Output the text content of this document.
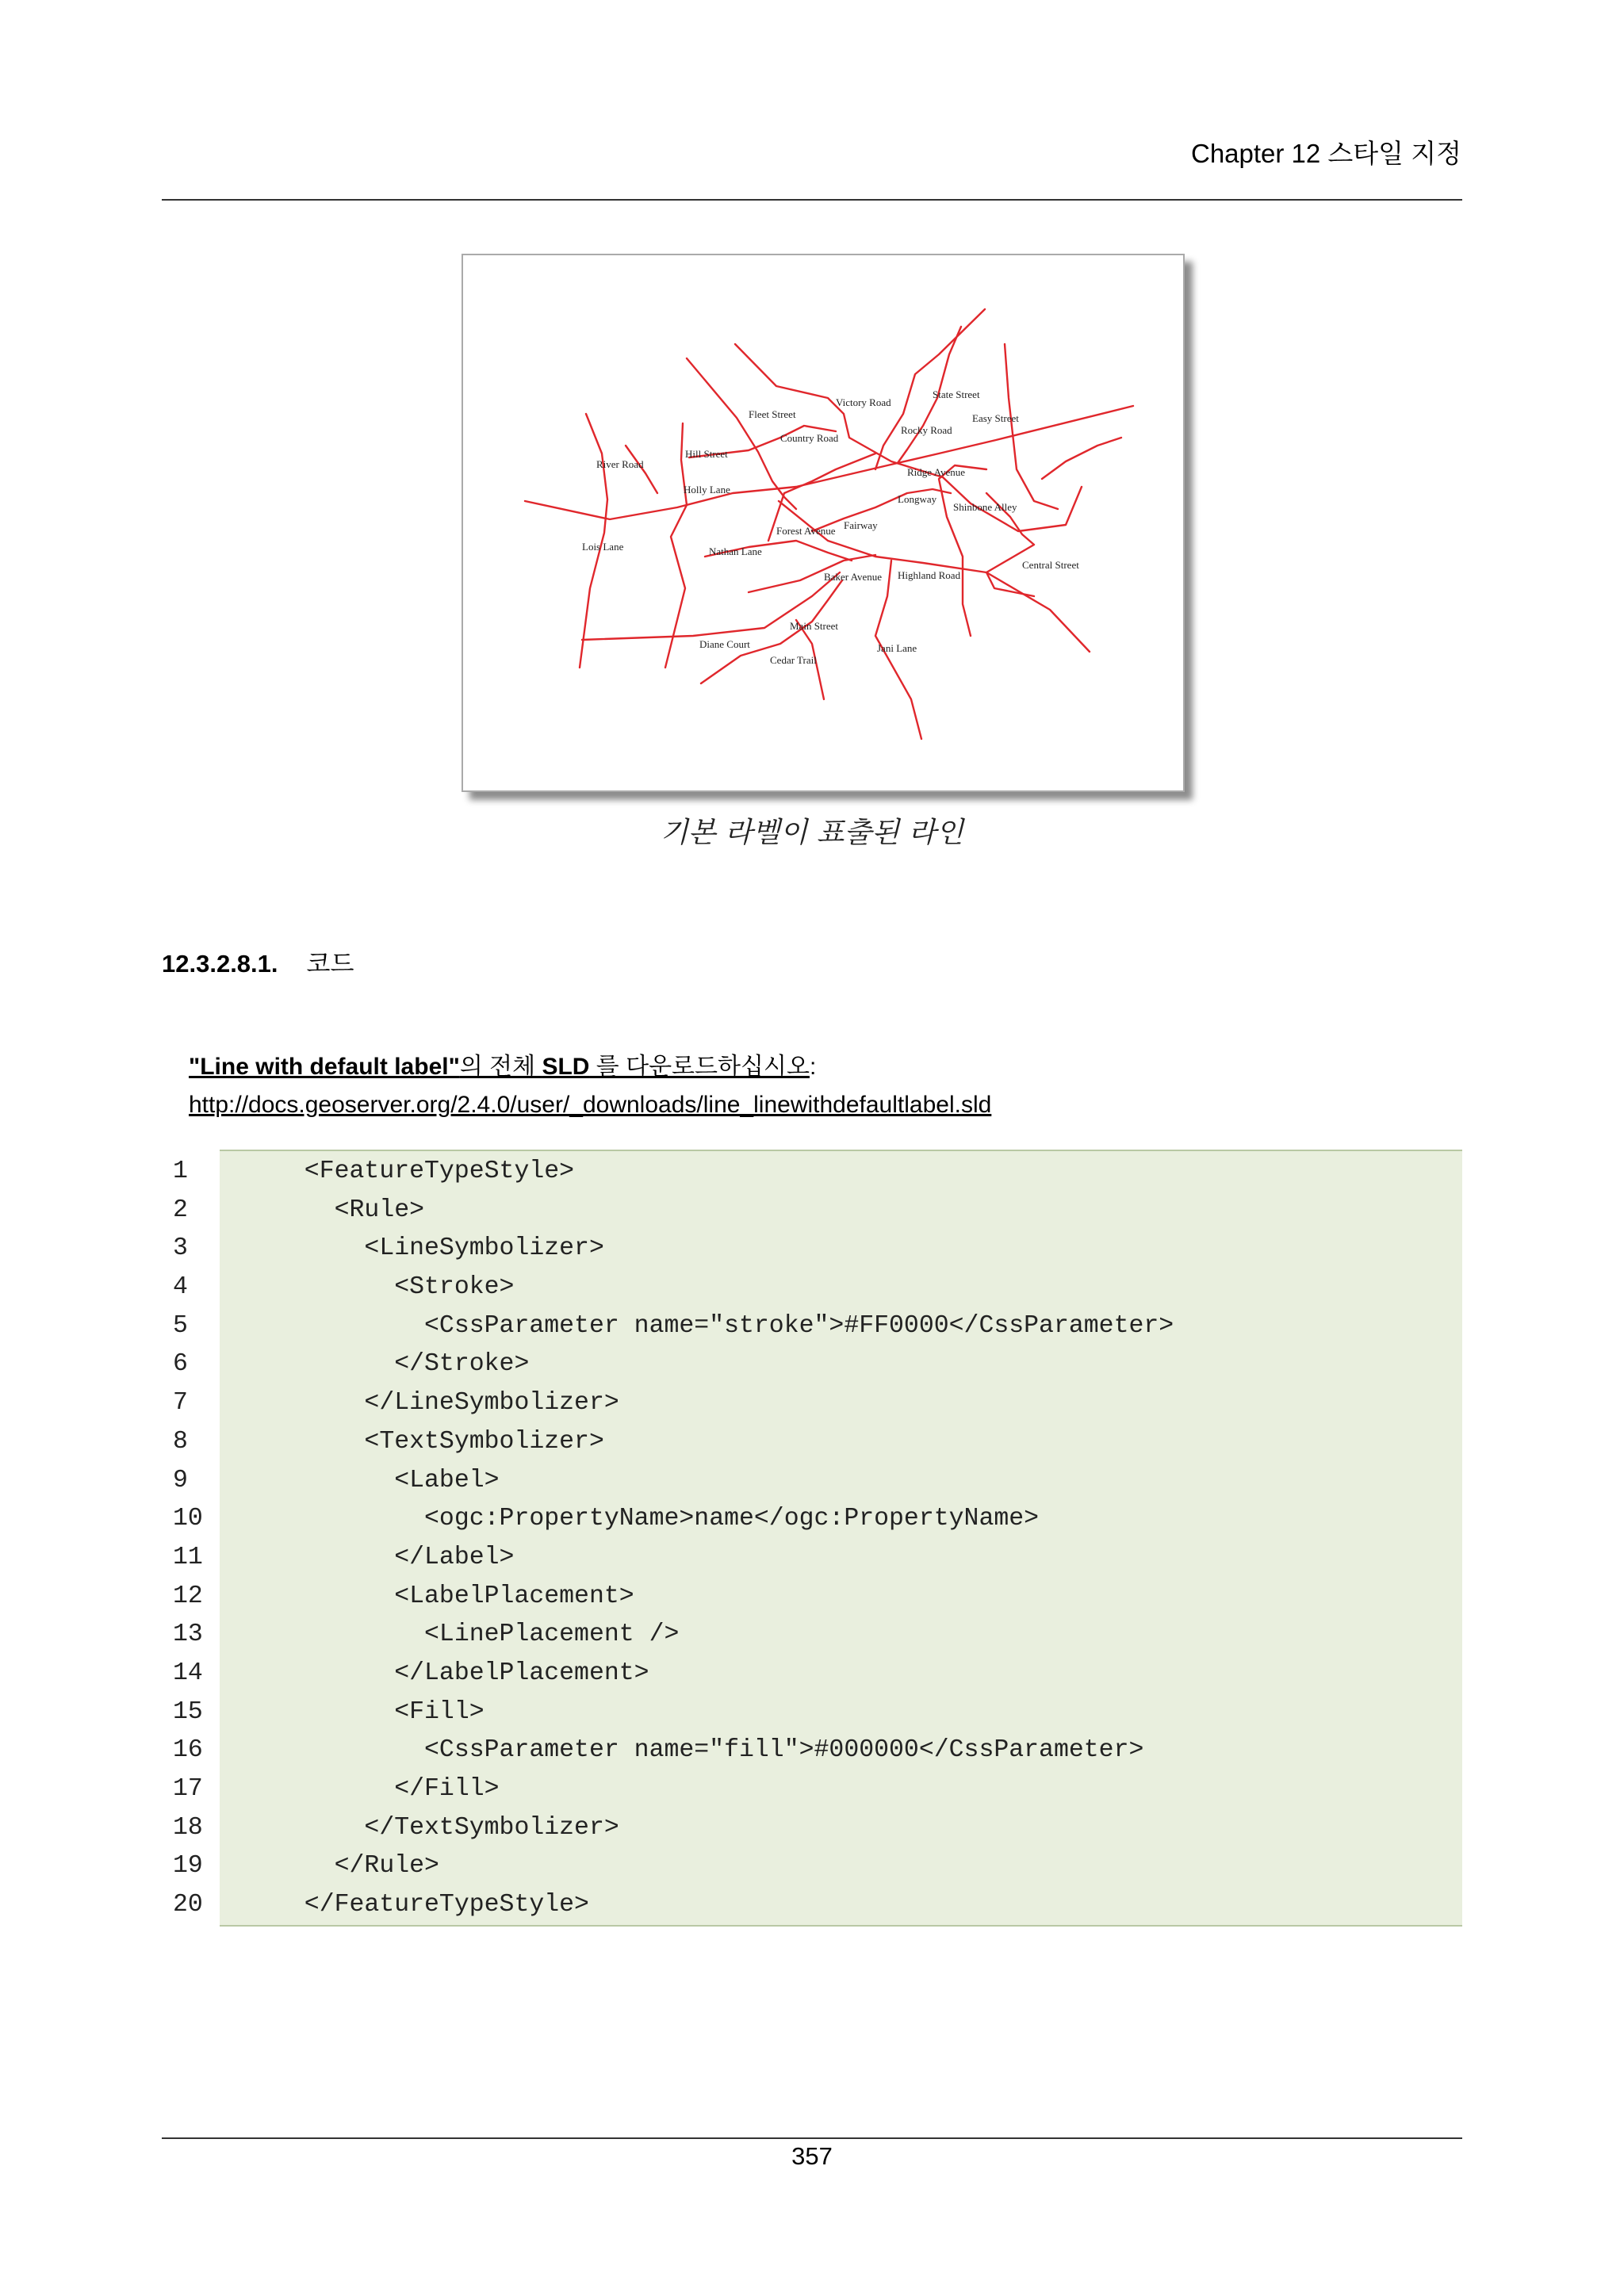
Chapter 12 스타일 지정
Fleet Street
Victory Road
State Street
Easy Street
Country Road
Rocky Road
Hill Street
River Road
Ridge Avenue
Holly Lane
Longway
Shinbone Alley
Forest Avenue Fairway
Lois Lane	Nathan Lane
Central Street
Baker Avenue Highland Road
Main Street
Diane Court	Jani Lane
Cedar Trail
기본 라벨이 표출된 라인
12.3.2.8.1. 코드
"Line with default label"의 전체 SLD 를 다운로드하십시오:
http://docs.geoserver.org/2.4.0/user/_downloads/line_linewithdefaultlabel.sld
1
2
3
4
5
6
7
8
9
10
11
12
13
14
15
16
17
18
19
20
<FeatureTypeStyle>
<Rule>
<LineSymbolizer>
<Stroke>
<CssParameter name="stroke">#FF0000</CssParameter>
</Stroke>
</LineSymbolizer>
<TextSymbolizer>
<Label>
<ogc:PropertyName>name</ogc:PropertyName>
</Label>
<LabelPlacement>
<LinePlacement />
</LabelPlacement>
<Fill>
<CssParameter name="fill">#000000</CssParameter>
</Fill>
</TextSymbolizer>
</Rule>
</FeatureTypeStyle>
357
